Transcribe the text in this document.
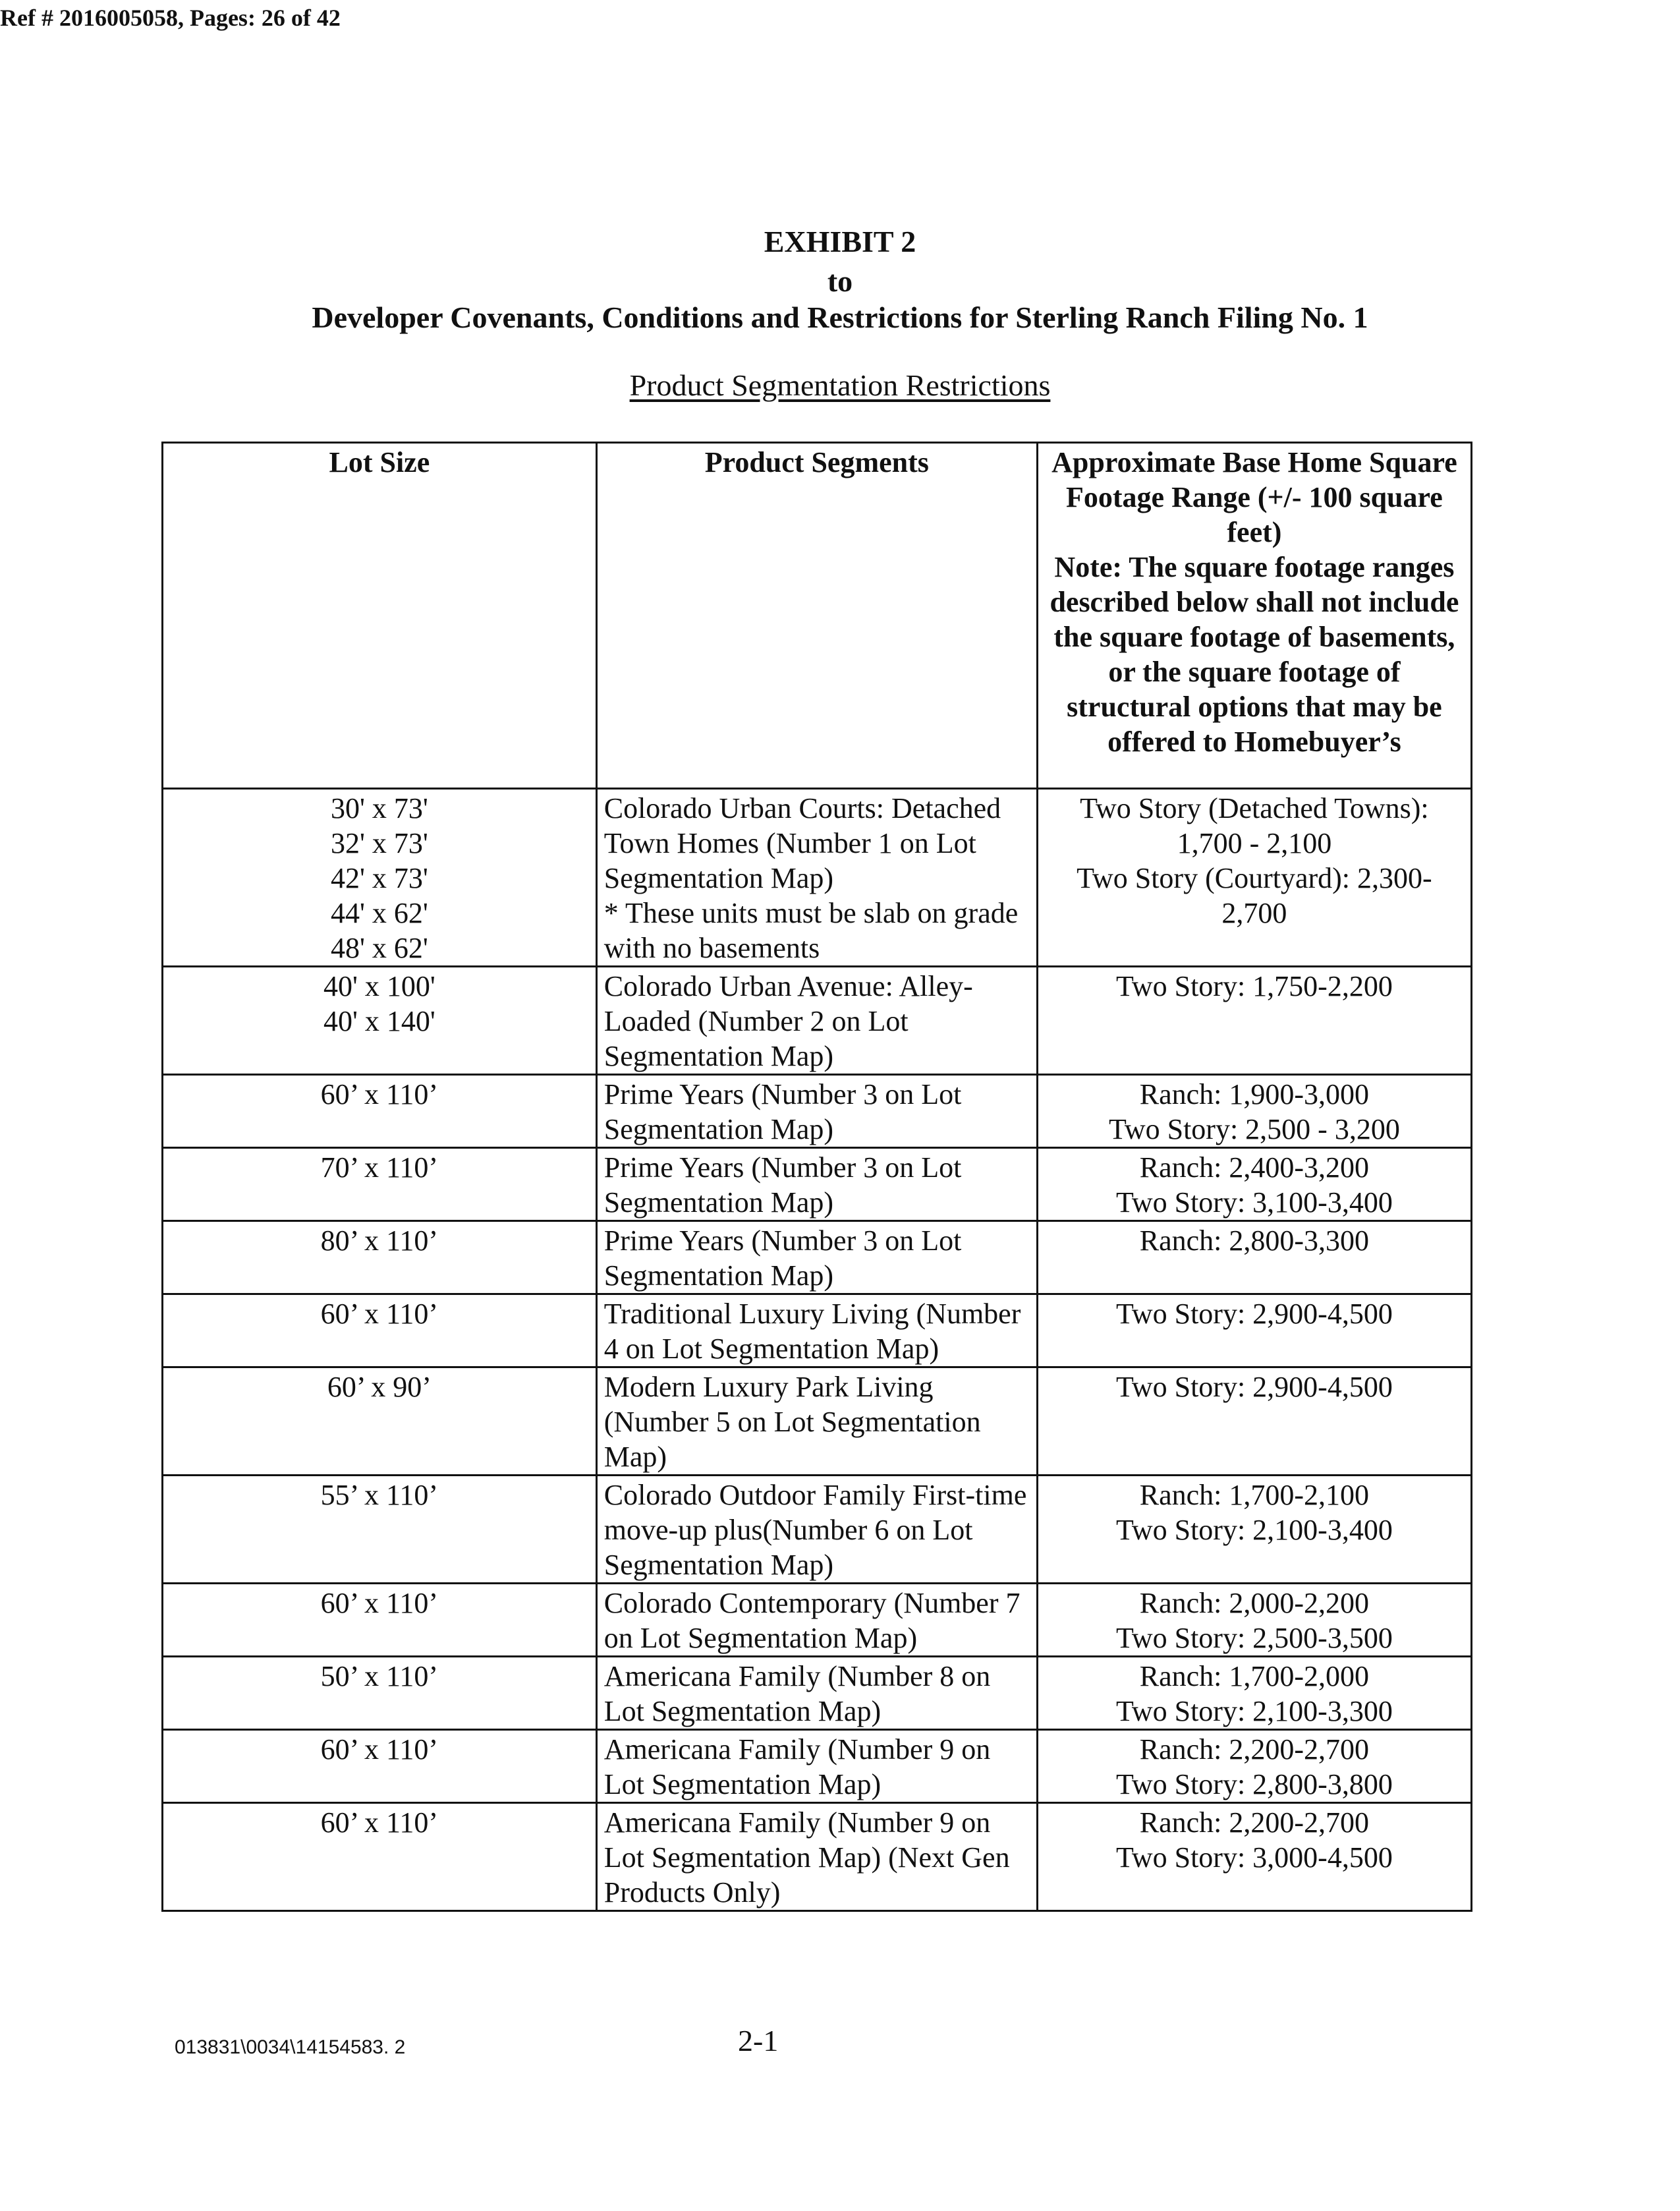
Ref # 2016005058, Pages: 26 of 42
EXHIBIT 2
to
Developer Covenants, Conditions and Restrictions for Sterling Ranch Filing No. 1
Product Segmentation Restrictions
Lot Size	Product Segments	Approximate Base Home Square Footage Range (+/- 100 square feet)
Note: The square footage ranges described below shall not include the square footage of basements, or the square footage of structural options that may be offered to Homebuyer’s
30' x 73'
32' x 73'
42' x 73'
44' x 62'
48' x 62'	Colorado Urban Courts: Detached Town Homes (Number 1 on Lot Segmentation Map)
* These units must be slab on grade with no basements	Two Story (Detached Towns): 1,700 - 2,100
Two Story (Courtyard): 2,300-2,700
40' x 100'
40' x 140'	Colorado Urban Avenue: Alley-Loaded (Number 2 on Lot Segmentation Map)	Two Story: 1,750-2,200
60’ x 110’	Prime Years (Number 3 on Lot Segmentation Map)	Ranch: 1,900-3,000
Two Story: 2,500 - 3,200
70’ x 110’	Prime Years (Number 3 on Lot Segmentation Map)	Ranch: 2,400-3,200
Two Story: 3,100-3,400
80’ x 110’	Prime Years (Number 3 on Lot Segmentation Map)	Ranch: 2,800-3,300
60’ x 110’	Traditional Luxury Living (Number 4 on Lot Segmentation Map)	Two Story: 2,900-4,500
60’ x 90’	Modern Luxury Park Living (Number 5 on Lot Segmentation Map)	Two Story: 2,900-4,500
55’ x 110’	Colorado Outdoor Family First-time move-up plus(Number 6 on Lot Segmentation Map)	Ranch: 1,700-2,100
Two Story: 2,100-3,400
60’ x 110’	Colorado Contemporary (Number 7 on Lot Segmentation Map)	Ranch: 2,000-2,200
Two Story: 2,500-3,500
50’ x 110’	Americana Family (Number 8 on Lot Segmentation Map)	Ranch: 1,700-2,000
Two Story: 2,100-3,300
60’ x 110’	Americana Family (Number 9 on Lot Segmentation Map)	Ranch: 2,200-2,700
Two Story: 2,800-3,800
60’ x 110’	Americana Family (Number 9 on Lot Segmentation Map) (Next Gen Products Only)	Ranch: 2,200-2,700
Two Story: 3,000-4,500
013831\0034\14154583. 2	2-1
